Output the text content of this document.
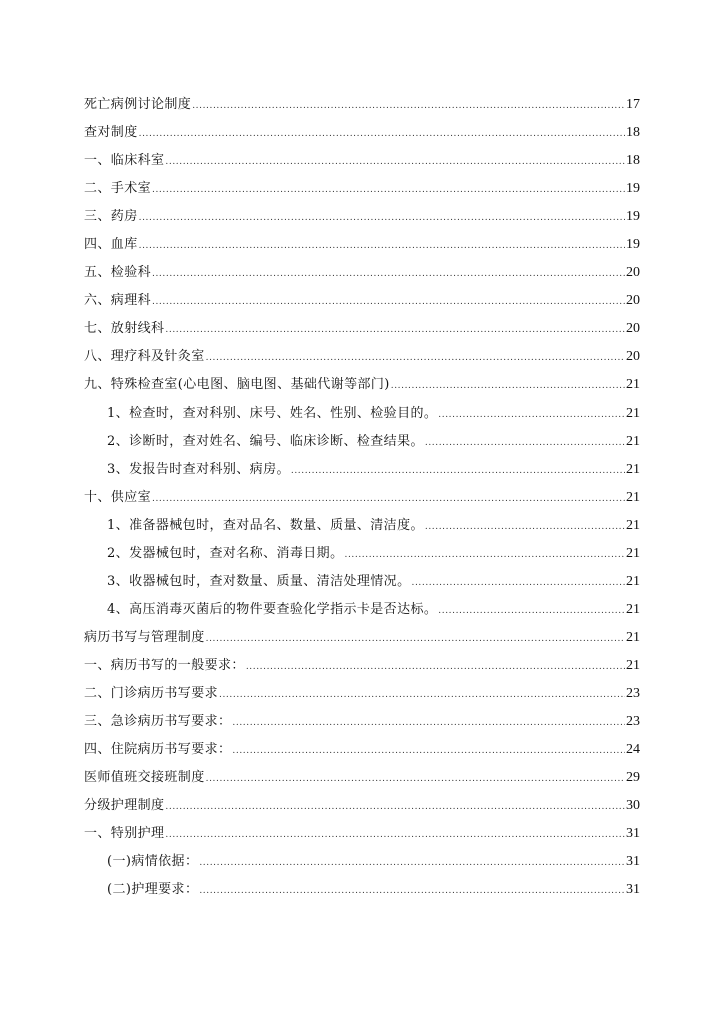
死亡病例讨论制度 .....	17
查对制度 .....	18
一、临床科室 .....	18
二、手术室 .....	19
三、药房 .....	19
四、血库 .....	19
五、检验科 .....	20
六、病理科 .....	20
七、放射线科 .....	20
八、理疗科及针灸室 .....	20
九、特殊检查室(心电图、脑电图、基础代谢等部门) .....	21
1、检查时，查对科别、床号、姓名、性别、检验目的。 .....	21
2、诊断时，查对姓名、编号、临床诊断、检查结果。 .....	21
3、发报告时查对科别、病房。 .....	21
十、供应室 .....	21
1、准备器械包时，查对品名、数量、质量、清洁度。 .....	21
2、发器械包时，查对名称、消毒日期。 .....	21
3、收器械包时，查对数量、质量、清洁处理情况。 .....	21
4、高压消毒灭菌后的物件要查验化学指示卡是否达标。 .....	21
病历书写与管理制度 .....	21
一、病历书写的一般要求： .....	21
二、门诊病历书写要求 .....	23
三、急诊病历书写要求： .....	23
四、住院病历书写要求： .....	24
医师值班交接班制度 .....	29
分级护理制度 .....	30
一、特别护理 .....	31
(一)病情依据： .....	31
(二)护理要求： .....	31
